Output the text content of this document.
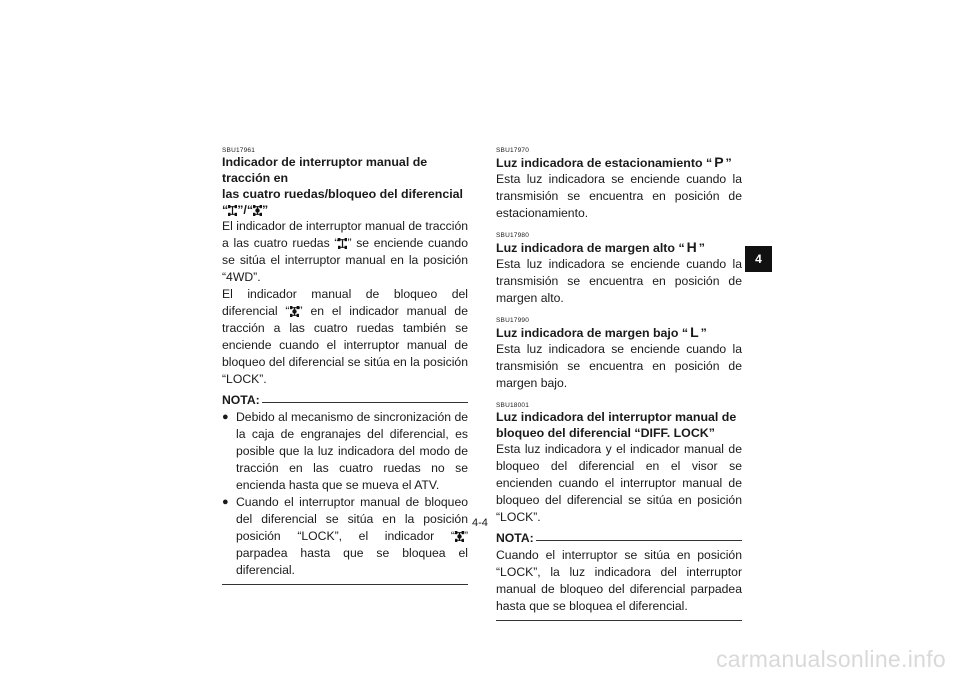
SBU17961

Indicador de interruptor manual de tracción en
las cuatro ruedas/bloqueo del diferencial
“ ”/“ ”

El indicador de interruptor manual de tracción a las cuatro ruedas “ ” se enciende cuando se sitúa el interruptor manual en la posición “4WD”.

El indicador manual de bloqueo del diferencial “ ” en el indicador manual de tracción a las cuatro ruedas también se enciende cuando el interruptor manual de bloqueo del diferencial se sitúa en la posición “LOCK”.

NOTA:
● Debido al mecanismo de sincronización de la caja de engranajes del diferencial, es posible que la luz indicadora del modo de tracción en las cuatro ruedas no se encienda hasta que se mueva el ATV.
● Cuando el interruptor manual de bloqueo del diferencial se sitúa en la posición posición “LOCK”, el indicador “ ” parpadea hasta que se bloquea el diferencial.

SBU17970

Luz indicadora de estacionamiento “ P ”

Esta luz indicadora se enciende cuando la transmisión se encuentra en posición de estacionamiento.

SBU17980

Luz indicadora de margen alto “ H ”

Esta luz indicadora se enciende cuando la transmisión se encuentra en posición de margen alto.

SBU17990

Luz indicadora de margen bajo “ L ”

Esta luz indicadora se enciende cuando la transmisión se encuentra en posición de margen bajo.

SBU18001

Luz indicadora del interruptor manual de bloqueo del diferencial “DIFF. LOCK”

Esta luz indicadora y el indicador manual de bloqueo del diferencial en el visor se encienden cuando el interruptor manual de bloqueo del diferencial se sitúa en posición “LOCK”.

NOTA:

Cuando el interruptor se sitúa en posición “LOCK”, la luz indicadora del interruptor manual de bloqueo del diferencial parpadea hasta que se bloquea el diferencial.

4
4-4
carmanualsonline.info
